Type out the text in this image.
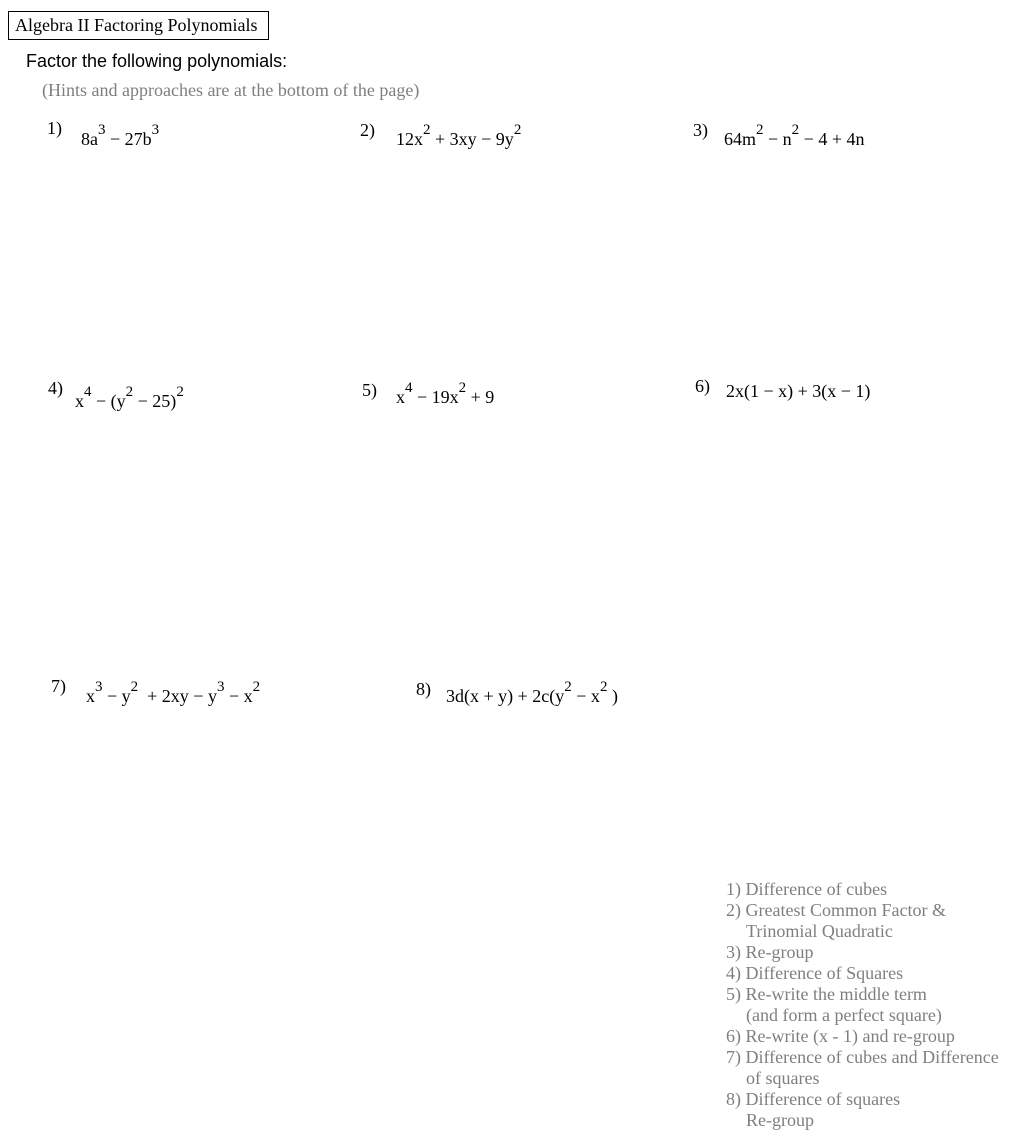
Algebra II Factoring Polynomials
Factor the following polynomials:
(Hints and approaches are at the bottom of the page)
1)
8a3 − 27b3	2) 12x2 + 3xy − 9y2	3) 64m2 − n2 − 4 + 4n
4)
x4 − (y2 − 25)2	5) x4 − 19x2 + 9
6) 2x(1 − x) + 3(x − 1)
7) x3 − y2  + 2xy − y3 − x2	8) 3d(x + y) + 2c(y2 − x2 )
1) Difference of cubes
2) Greatest Common Factor &
Trinomial Quadratic
3) Re-group
4) Difference of Squares
5) Re-write the middle term
(and form a perfect square)
6) Re-write (x - 1) and re-group
7) Difference of cubes and Difference
of squares
8) Difference of squares
Re-group
